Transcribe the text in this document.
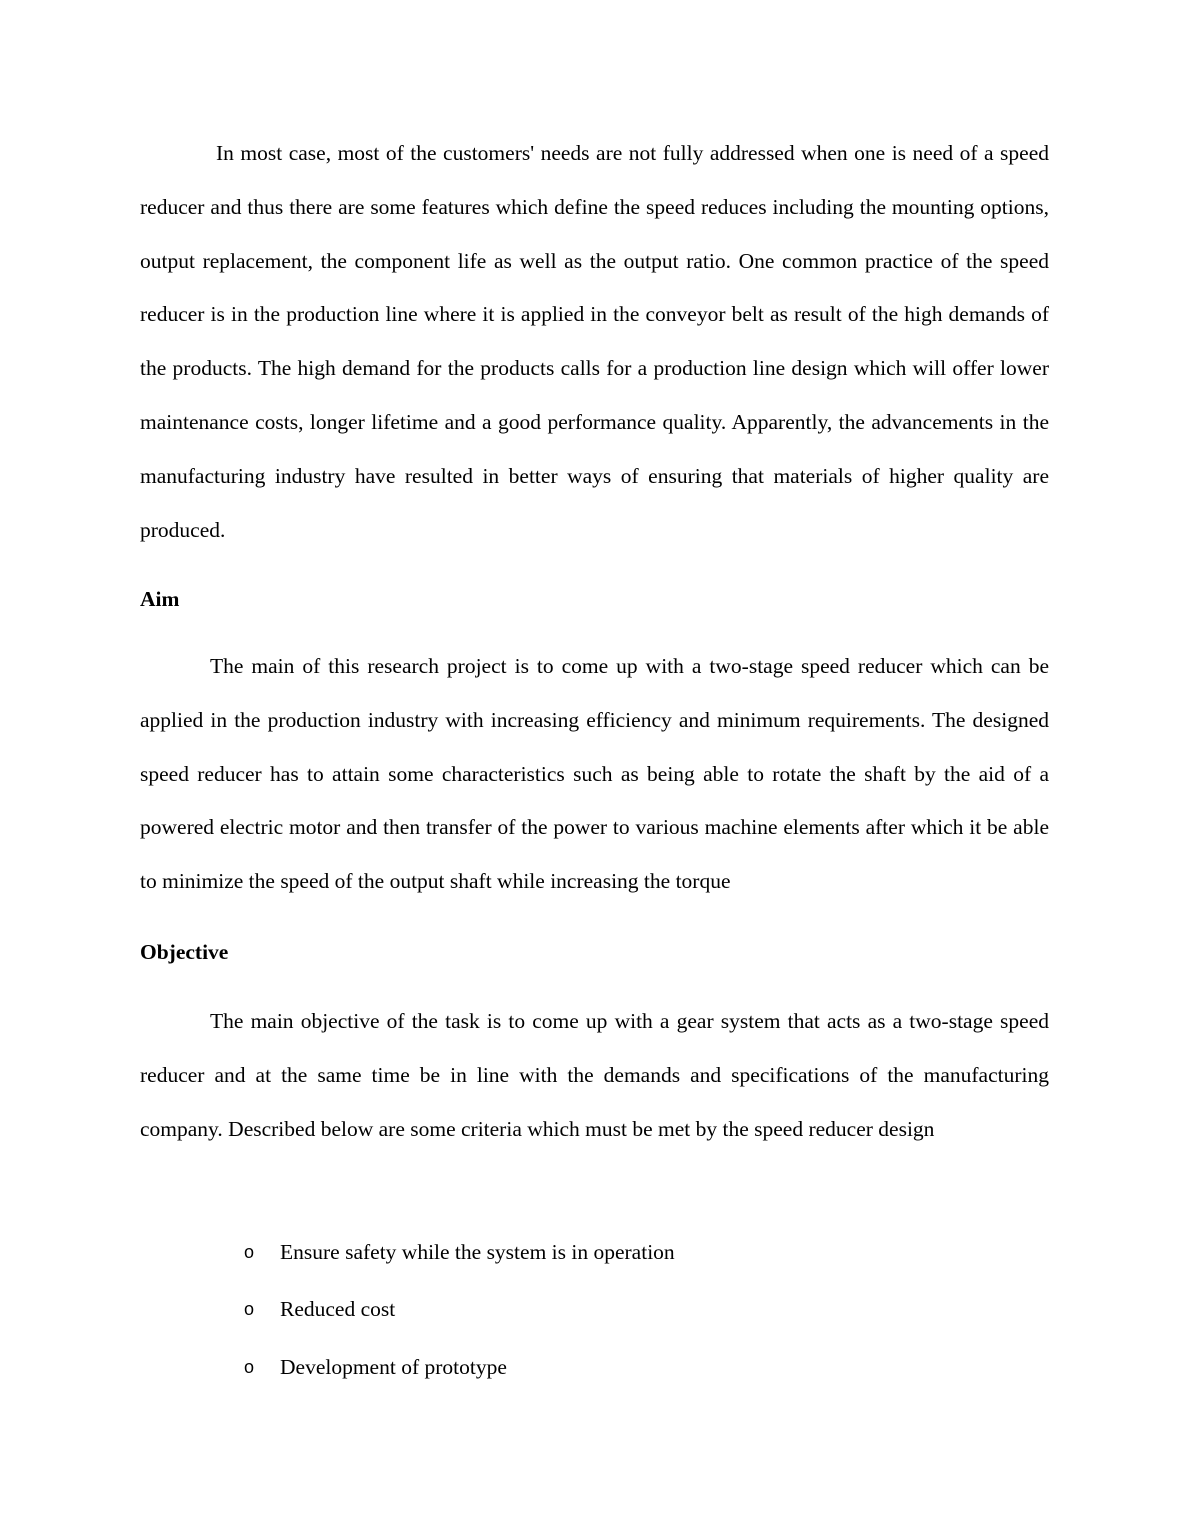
In most case, most of the customers' needs are not fully addressed when one is need of a speed reducer and thus there are some features which define the speed reduces including the mounting options, output replacement, the component life as well as the output ratio. One common practice of the speed reducer is in the production line where it is applied in the conveyor belt as result of the high demands of the products. The high demand for the products calls for a production line design which will offer lower maintenance costs, longer lifetime and a good performance quality. Apparently, the advancements in the manufacturing industry have resulted in better ways of ensuring that materials of higher quality are produced.

Aim

The main of this research project is to come up with a two-stage speed reducer which can be applied in the production industry with increasing efficiency and minimum requirements. The designed speed reducer has to attain some characteristics such as being able to rotate the shaft by the aid of a powered electric motor and then transfer of the power to various machine elements after which it be able to minimize the speed of the output shaft while increasing the torque

Objective

The main objective of the task is to come up with a gear system that acts as a two-stage speed reducer and at the same time be in line with the demands and specifications of the manufacturing company. Described below are some criteria which must be met by the speed reducer design

o Ensure safety while the system is in operation
o Reduced cost
o Development of prototype
